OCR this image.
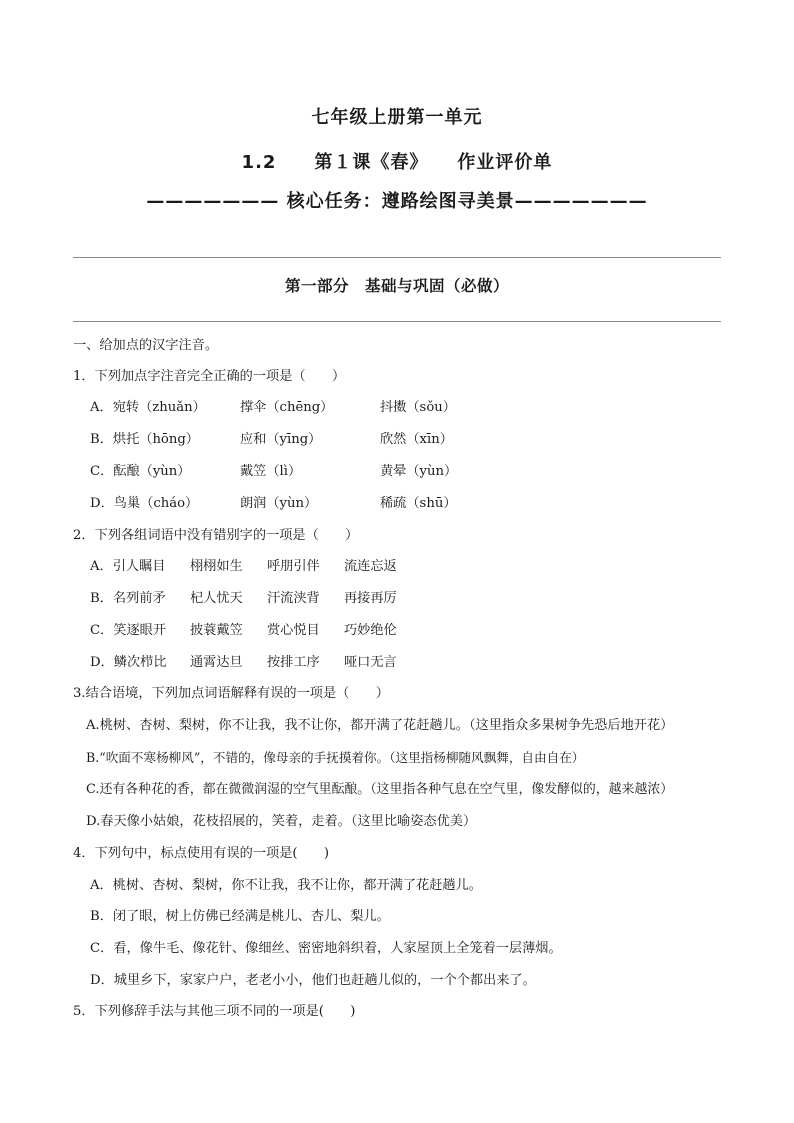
七年级上册第一单元
1.2　　第１课《春》　　作业评价单
——————— 核心任务：遵路绘图寻美景———————
第一部分　基础与巩固（必做）
一、给加点的汉字注音。
1．下列加点字注音完全正确的一项是（　　）
A．宛转（zhuǎn）	撑伞（chēng）	抖擞（sǒu）
B．烘托（hōng）	应和（yīng）	欣然（xīn）
C．酝酿（yùn）	戴笠（lì）	黄晕（yùn）
D．鸟巢（cháo）	朗润（yùn）	稀疏（shū）
2．下列各组词语中没有错别字的一项是（　　）
A．引人瞩目 栩栩如生 呼朋引伴 流连忘返
B．名列前矛 杞人忧天 汗流浃背 再接再厉
C．笑逐眼开 披蓑戴笠 赏心悦目 巧妙绝伦
D．鳞次栉比 通霄达旦 按排工序 哑口无言
3.结合语境，下列加点词语解释有误的一项是（　　）
A.桃树、杏树、梨树，你不让我，我不让你，都开满了花赶趟儿。（这里指众多果树争先恐后地开花）
B.“吹面不寒杨柳风”，不错的，像母亲的手抚摸着你。（这里指杨柳随风飘舞，自由自在）
C.还有各种花的香，都在微微润湿的空气里酝酿。（这里指各种气息在空气里，像发酵似的，越来越浓）
D.春天像小姑娘，花枝招展的，笑着，走着。（这里比喻姿态优美）
4．下列句中，标点使用有误的一项是(　　)
A．桃树、杏树、梨树，你不让我，我不让你，都开满了花赶趟儿。
B．闭了眼，树上仿佛已经满是桃儿、杏儿、梨儿。
C．看，像牛毛、像花针、像细丝、密密地斜织着，人家屋顶上全笼着一层薄烟。
D．城里乡下，家家户户，老老小小，他们也赶趟儿似的，一个个都出来了。
5．下列修辞手法与其他三项不同的一项是(　　)
